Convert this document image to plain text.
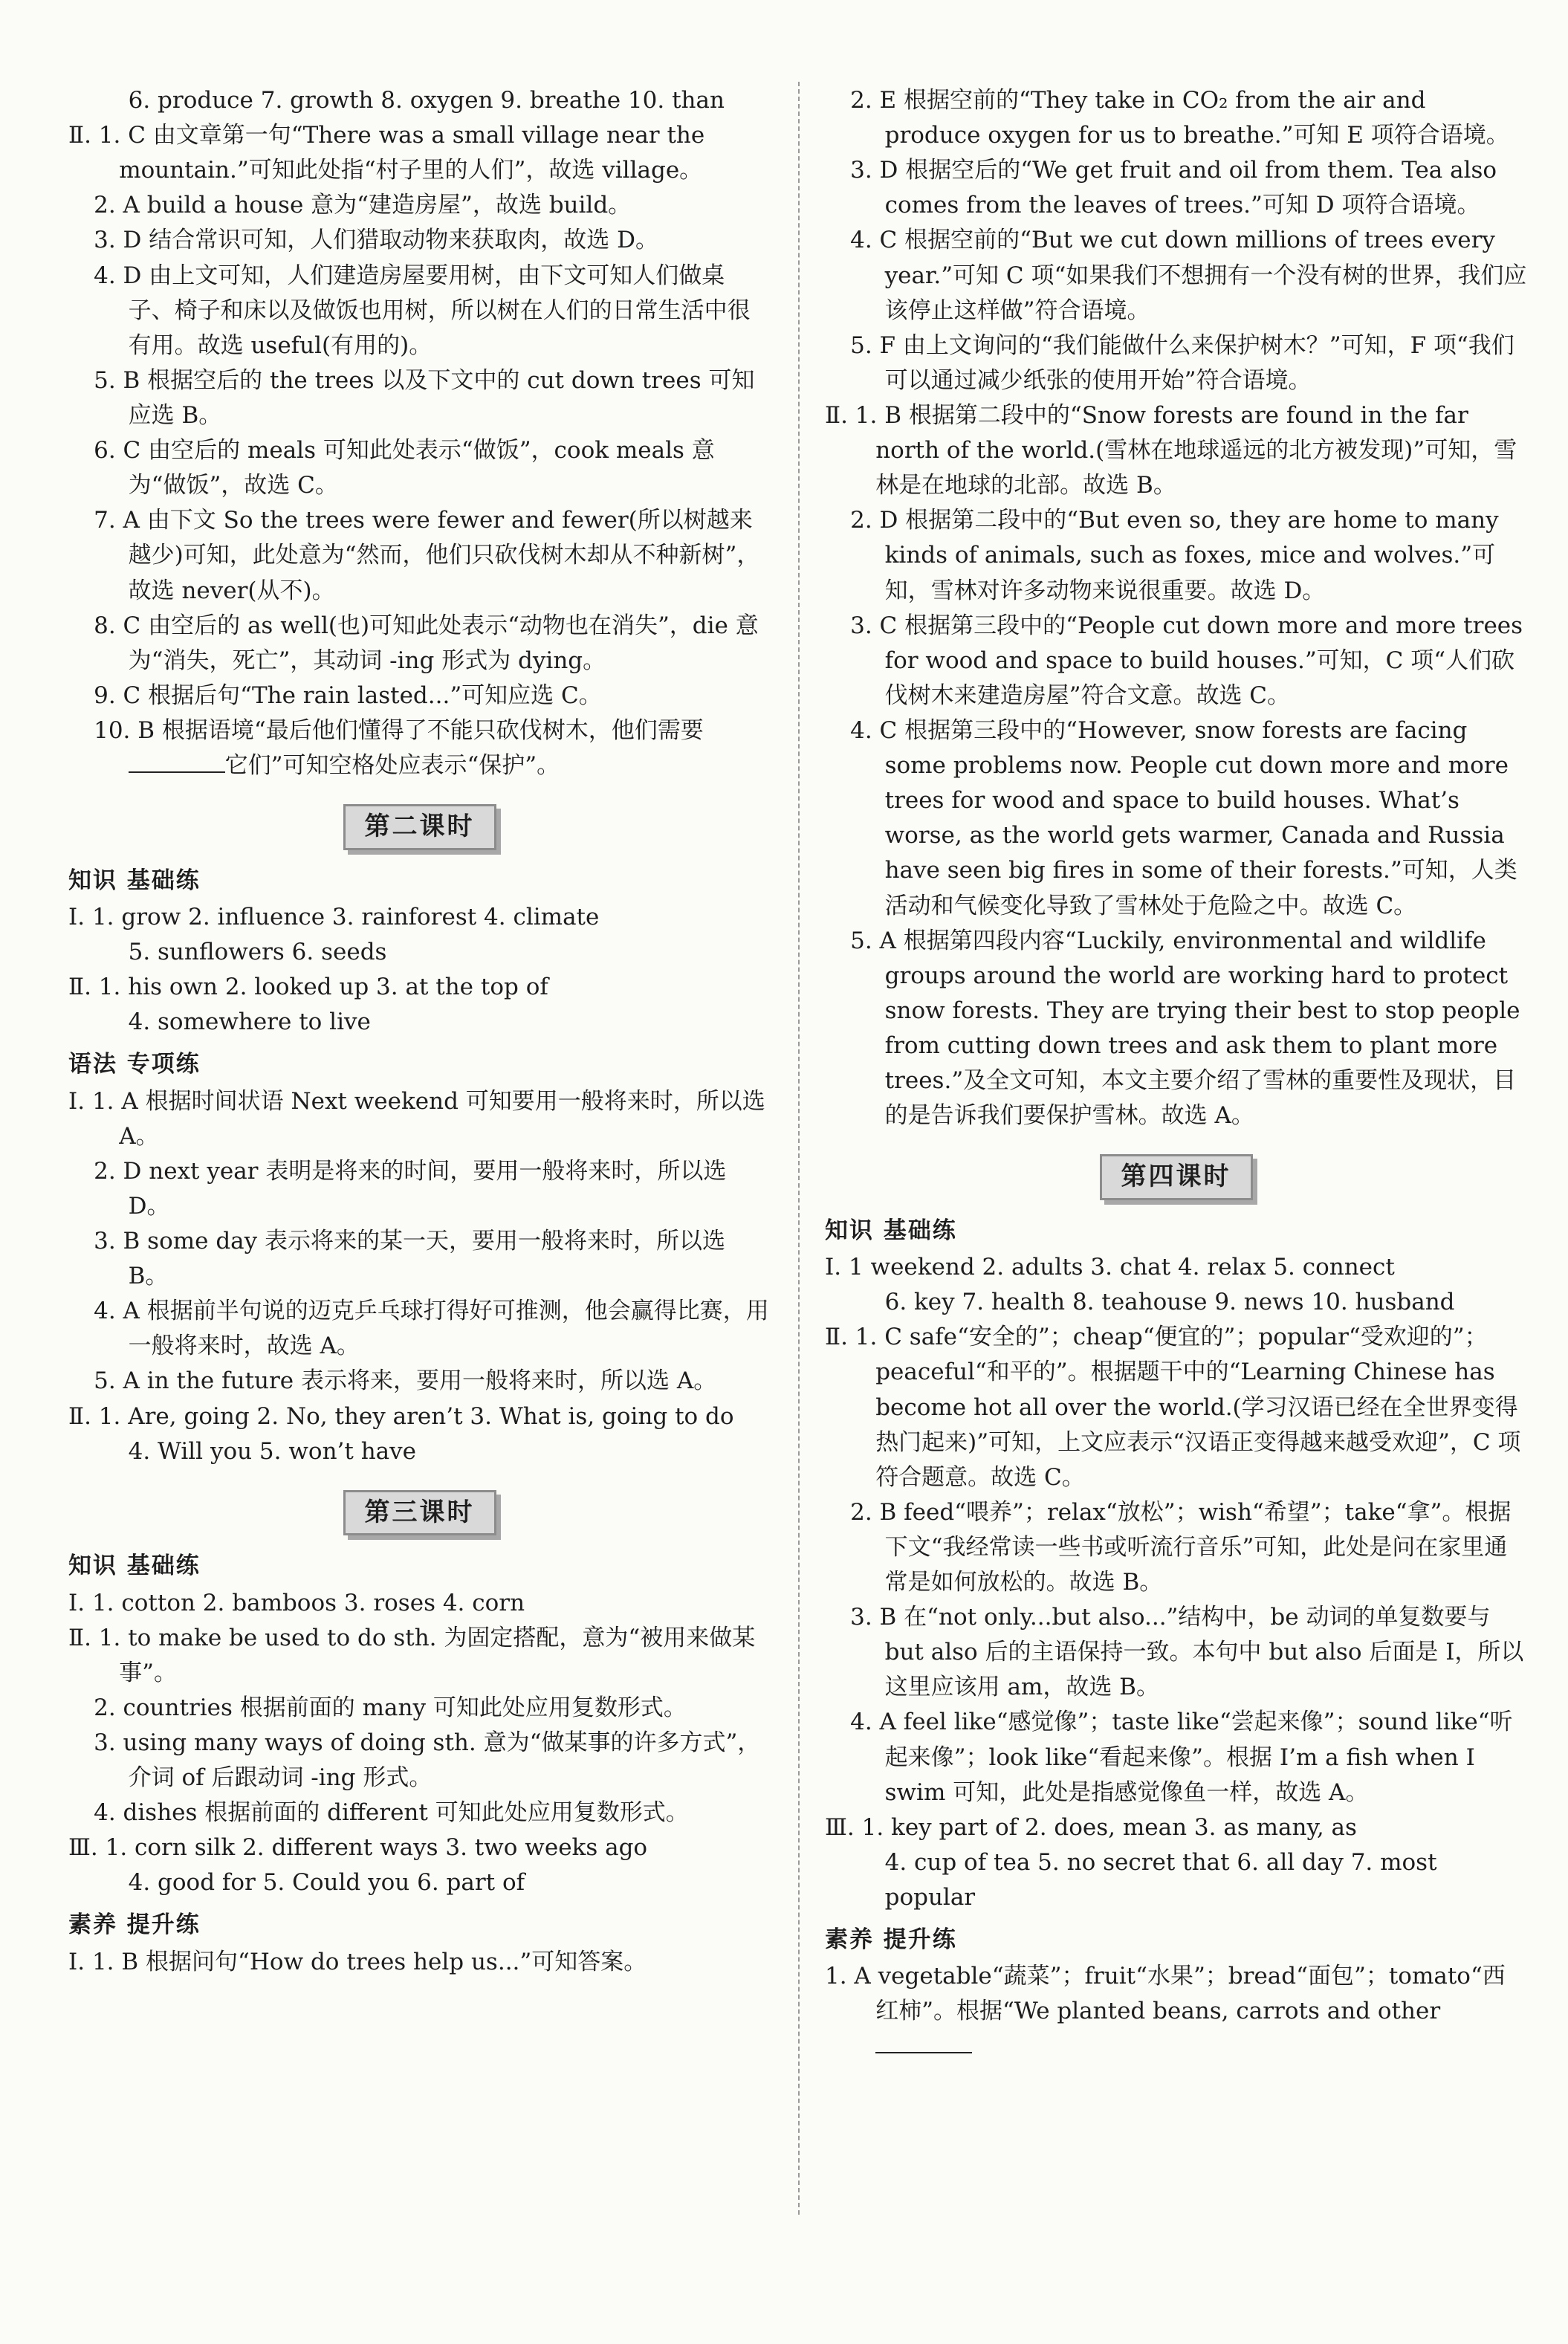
6. produce 7. growth 8. oxygen 9. breathe 10. than

Ⅱ. 1. C 由文章第一句“There was a small village near the mountain.”可知此处指“村子里的人们”，故选 village。

2. A build a house 意为“建造房屋”，故选 build。

3. D 结合常识可知，人们猎取动物来获取肉，故选 D。

4. D 由上文可知，人们建造房屋要用树，由下文可知人们做桌子、椅子和床以及做饭也用树，所以树在人们的日常生活中很有用。故选 useful(有用的)。

5. B 根据空后的 the trees 以及下文中的 cut down trees 可知应选 B。

6. C 由空后的 meals 可知此处表示“做饭”，cook meals 意为“做饭”，故选 C。

7. A 由下文 So the trees were fewer and fewer(所以树越来越少)可知，此处意为“然而，他们只砍伐树木却从不种新树”，故选 never(从不)。

8. C 由空后的 as well(也)可知此处表示“动物也在消失”，die 意为“消失，死亡”，其动词 -ing 形式为 dying。

9. C 根据后句“The rain lasted...”可知应选 C。

10. B 根据语境“最后他们懂得了不能只砍伐树木，他们需要它们”可知空格处应表示“保护”。

第二课时
知识 基础练

Ⅰ. 1. grow 2. influence 3. rainforest 4. climate

5. sunflowers 6. seeds

Ⅱ. 1. his own 2. looked up 3. at the top of

4. somewhere to live

语法 专项练

Ⅰ. 1. A 根据时间状语 Next weekend 可知要用一般将来时，所以选 A。

2. D next year 表明是将来的时间，要用一般将来时，所以选 D。

3. B some day 表示将来的某一天，要用一般将来时，所以选 B。

4. A 根据前半句说的迈克乒乓球打得好可推测，他会赢得比赛，用一般将来时，故选 A。

5. A in the future 表示将来，要用一般将来时，所以选 A。

Ⅱ. 1. Are, going 2. No, they aren’t 3. What is, going to do

4. Will you 5. won’t have

第三课时
知识 基础练

Ⅰ. 1. cotton 2. bamboos 3. roses 4. corn

Ⅱ. 1. to make be used to do sth. 为固定搭配，意为“被用来做某事”。

2. countries 根据前面的 many 可知此处应用复数形式。

3. using many ways of doing sth. 意为“做某事的许多方式”，介词 of 后跟动词 -ing 形式。

4. dishes 根据前面的 different 可知此处应用复数形式。

Ⅲ. 1. corn silk 2. different ways 3. two weeks ago

4. good for 5. Could you 6. part of

素养 提升练

Ⅰ. 1. B 根据问句“How do trees help us...”可知答案。

2. E 根据空前的“They take in CO₂ from the air and produce oxygen for us to breathe.”可知 E 项符合语境。

3. D 根据空后的“We get fruit and oil from them. Tea also comes from the leaves of trees.”可知 D 项符合语境。

4. C 根据空前的“But we cut down millions of trees every year.”可知 C 项“如果我们不想拥有一个没有树的世界，我们应该停止这样做”符合语境。

5. F 由上文询问的“我们能做什么来保护树木？”可知，F 项“我们可以通过减少纸张的使用开始”符合语境。

Ⅱ. 1. B 根据第二段中的“Snow forests are found in the far north of the world.(雪林在地球遥远的北方被发现)”可知，雪林是在地球的北部。故选 B。

2. D 根据第二段中的“But even so, they are home to many kinds of animals, such as foxes, mice and wolves.”可知，雪林对许多动物来说很重要。故选 D。

3. C 根据第三段中的“People cut down more and more trees for wood and space to build houses.”可知，C 项“人们砍伐树木来建造房屋”符合文意。故选 C。

4. C 根据第三段中的“However, snow forests are facing some problems now. People cut down more and more trees for wood and space to build houses. What’s worse, as the world gets warmer, Canada and Russia have seen big fires in some of their forests.”可知，人类活动和气候变化导致了雪林处于危险之中。故选 C。

5. A 根据第四段内容“Luckily, environmental and wildlife groups around the world are working hard to protect snow forests. They are trying their best to stop people from cutting down trees and ask them to plant more trees.”及全文可知，本文主要介绍了雪林的重要性及现状，目的是告诉我们要保护雪林。故选 A。

第四课时
知识 基础练

Ⅰ. 1 weekend 2. adults 3. chat 4. relax 5. connect

6. key 7. health 8. teahouse 9. news 10. husband

Ⅱ. 1. C safe“安全的”；cheap“便宜的”；popular“受欢迎的”；peaceful“和平的”。根据题干中的“Learning Chinese has become hot all over the world.(学习汉语已经在全世界变得热门起来)”可知，上文应表示“汉语正变得越来越受欢迎”，C 项符合题意。故选 C。

2. B feed“喂养”；relax“放松”；wish“希望”；take“拿”。根据下文“我经常读一些书或听流行音乐”可知，此处是问在家里通常是如何放松的。故选 B。

3. B 在“not only...but also...”结构中，be 动词的单复数要与 but also 后的主语保持一致。本句中 but also 后面是 I，所以这里应该用 am，故选 B。

4. A feel like“感觉像”；taste like“尝起来像”；sound like“听起来像”；look like“看起来像”。根据 I’m a fish when I swim 可知，此处是指感觉像鱼一样，故选 A。

Ⅲ. 1. key part of 2. does, mean 3. as many, as

4. cup of tea 5. no secret that 6. all day 7. most popular

素养 提升练

1. A vegetable“蔬菜”；fruit“水果”；bread“面包”；tomato“西红柿”。根据“We planted beans, carrots and other
